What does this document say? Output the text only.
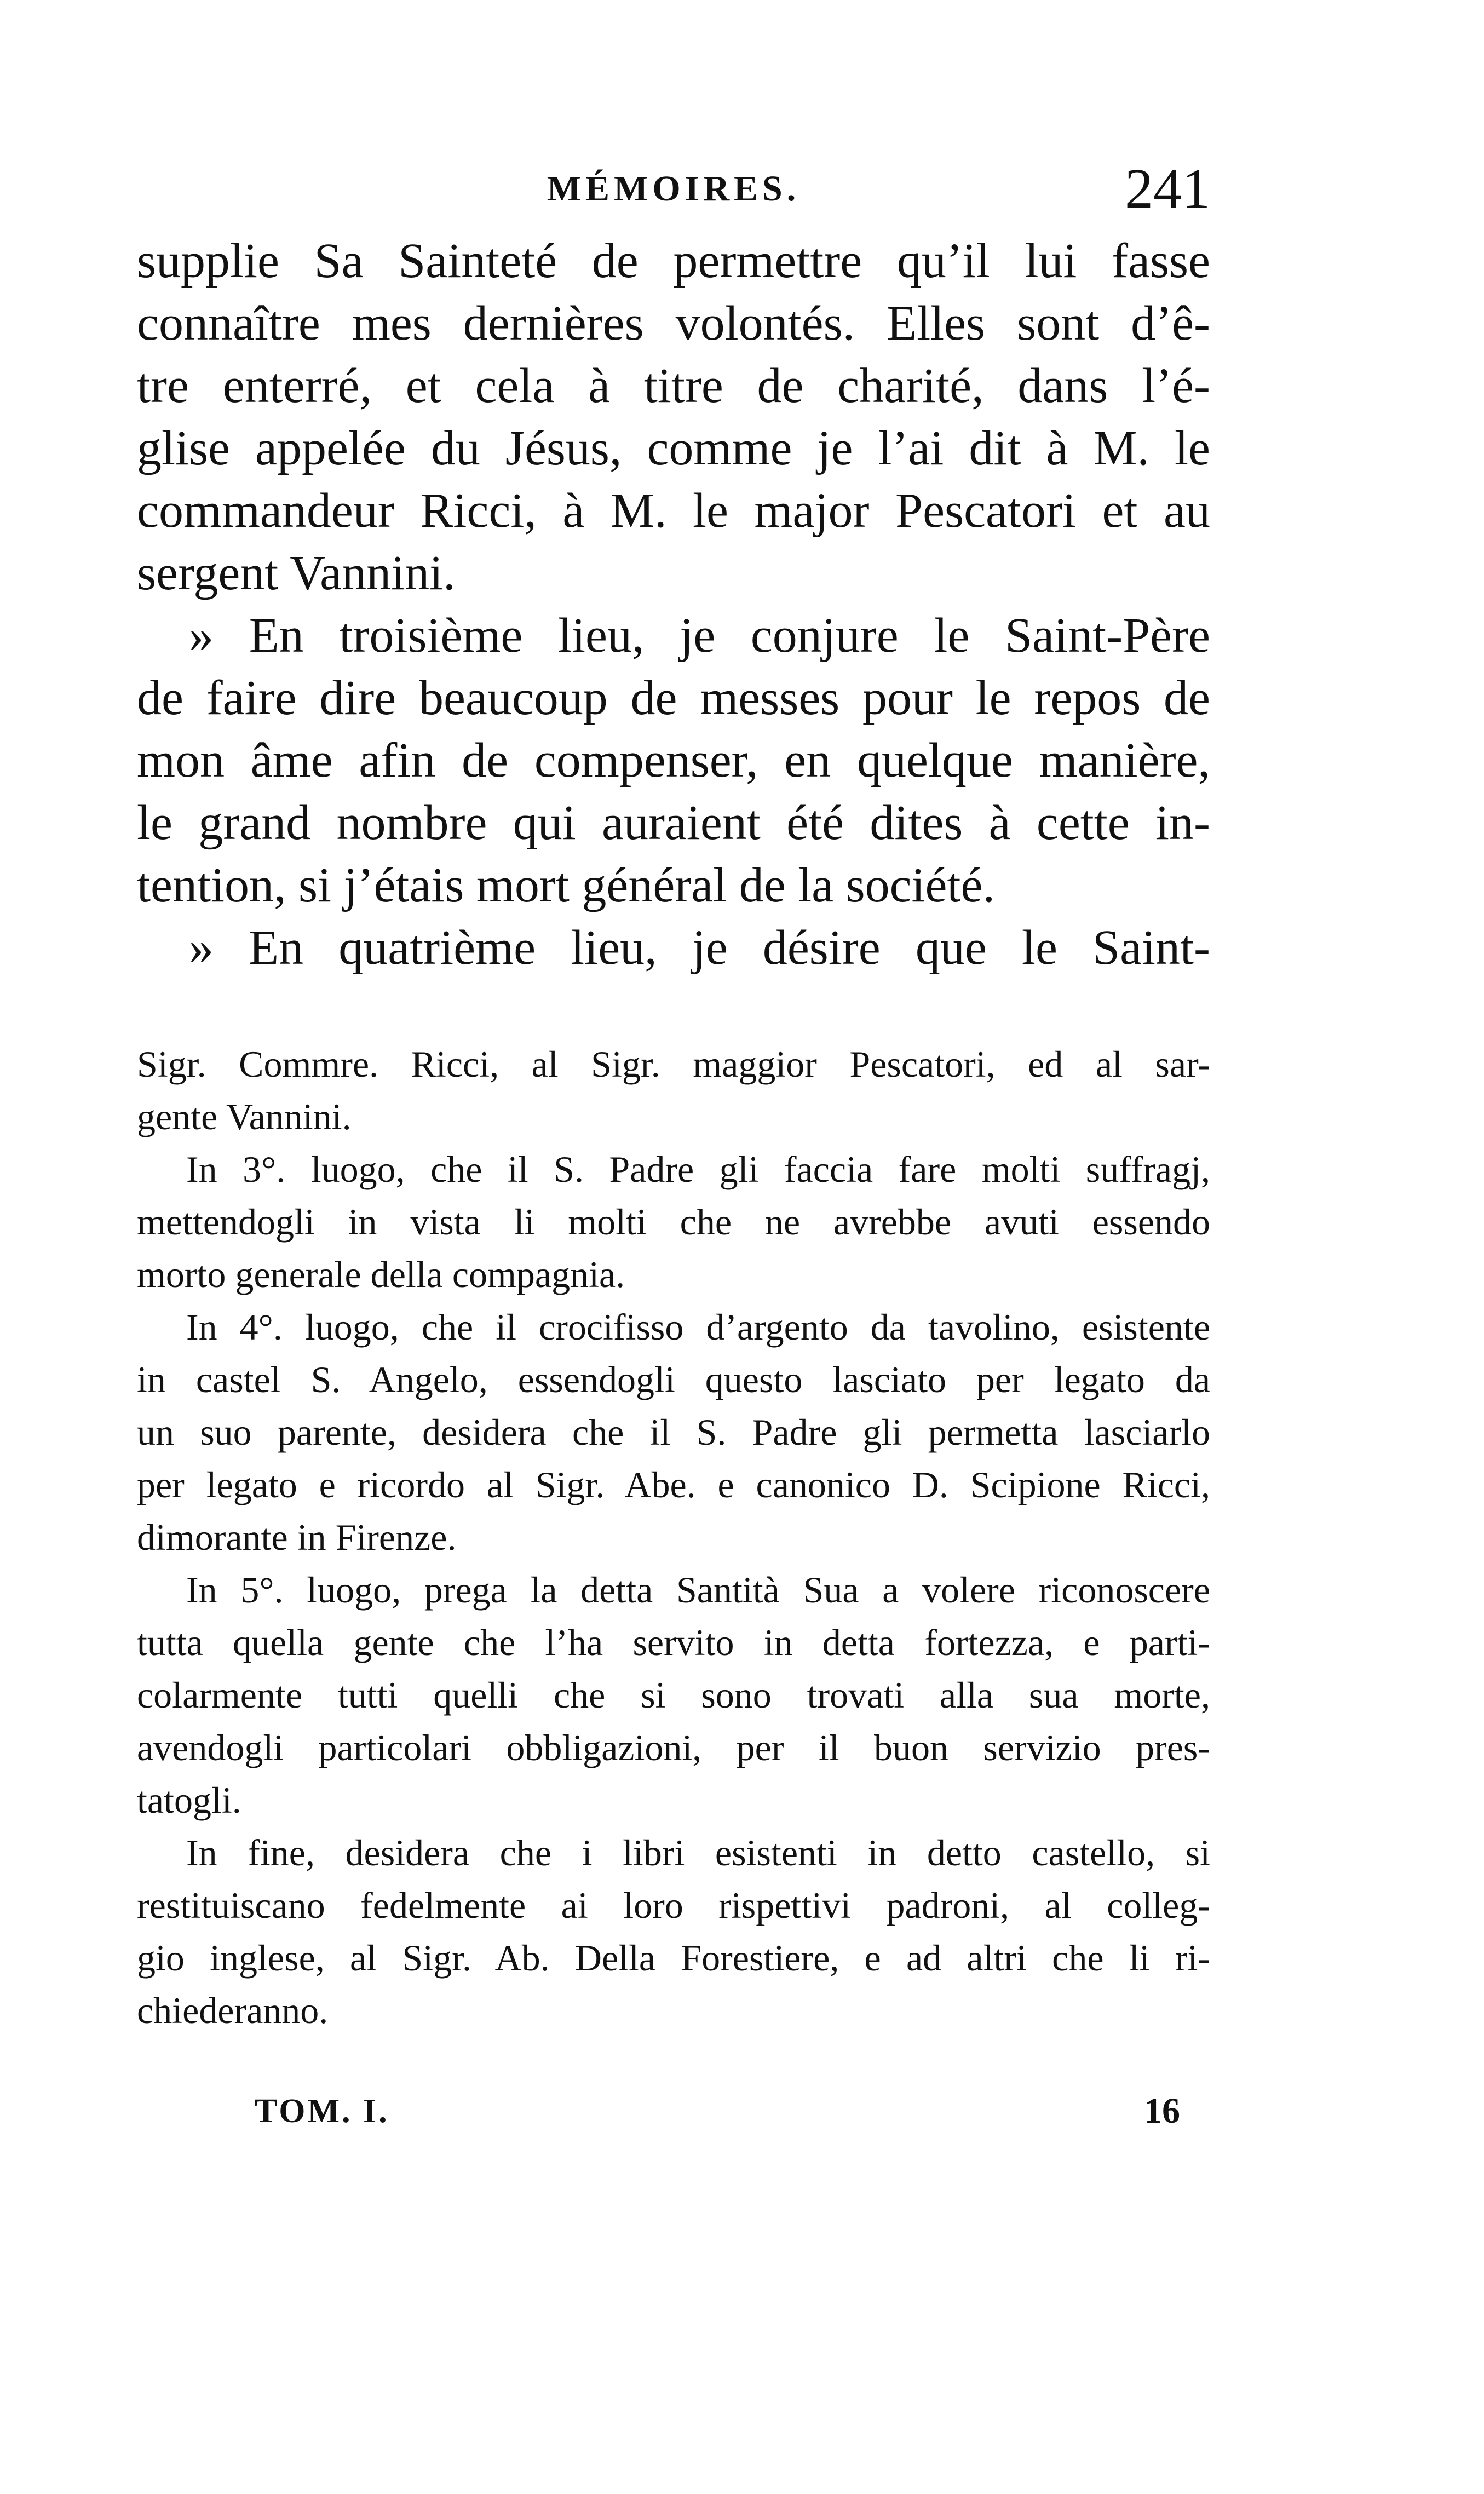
MÉMOIRES.	241
supplie Sa Sainteté de permettre qu’il lui fasse
connaître mes dernières volontés. Elles sont d’ê-
tre enterré, et cela à titre de charité, dans l’é-
glise appelée du Jésus, comme je l’ai dit à M. le
commandeur Ricci, à M. le major Pescatori et au
sergent Vannini.
» En troisième lieu, je conjure le Saint-Père
de faire dire beaucoup de messes pour le repos de
mon âme afin de compenser, en quelque manière,
le grand nombre qui auraient été dites à cette in-
tention, si j’étais mort général de la société.
» En quatrième lieu, je désire que le Saint-
Sigr. Commre. Ricci, al Sigr. maggior Pescatori, ed al sar-
gente Vannini.
In 3°. luogo, che il S. Padre gli faccia fare molti suffragj,
mettendogli in vista li molti che ne avrebbe avuti essendo
morto generale della compagnia.
In 4°. luogo, che il crocifisso d’argento da tavolino, esistente
in castel S. Angelo, essendogli questo lasciato per legato da
un suo parente, desidera che il S. Padre gli permetta lasciarlo
per legato e ricordo al Sigr. Abe. e canonico D. Scipione Ricci,
dimorante in Firenze.
In 5°. luogo, prega la detta Santità Sua a volere riconoscere
tutta quella gente che l’ha servito in detta fortezza, e parti-
colarmente tutti quelli che si sono trovati alla sua morte,
avendogli particolari obbligazioni, per il buon servizio pres-
tatogli.
In fine, desidera che i libri esistenti in detto castello, si
restituiscano fedelmente ai loro rispettivi padroni, al colleg-
gio inglese, al Sigr. Ab. Della Forestiere, e ad altri che li ri-
chiederanno.
TOM. I.	16
